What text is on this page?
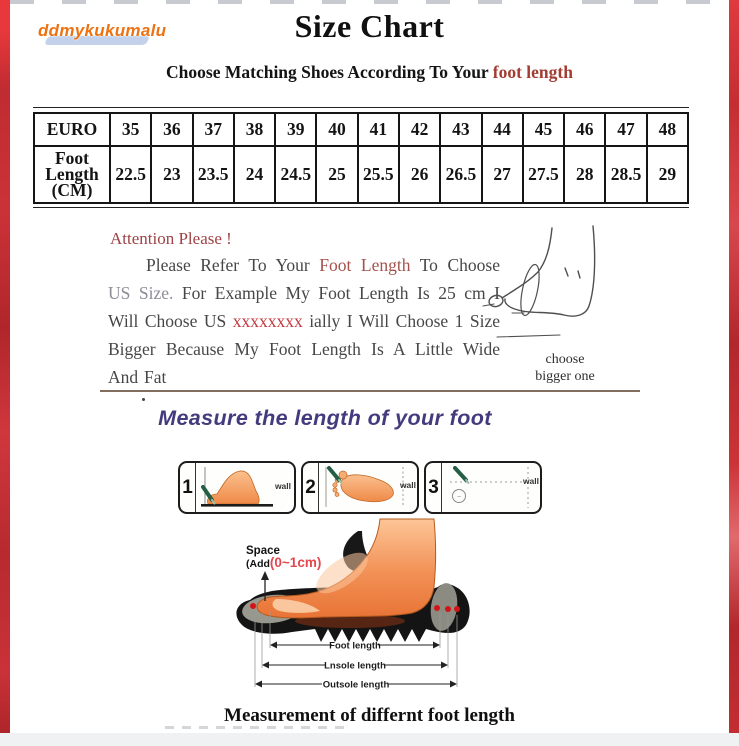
ddmykukumalu	Size Chart
Choose Matching Shoes According To Your foot length
EURO	35	36	37	38	39	40	41	42	43	44	45	46	47	48

Foot
Length
(CM)	22.5	23	23.5	24	24.5	25	25.5	26	26.5	27	27.5	28	28.5	29
Attention Please !
Please Refer To Your Foot Length To Choose US Size. For Example My Foot Length Is 25 cm I Will Choose US xxxxxxxx ially I Will Choose 1 Size Bigger Because My Foot Length Is A Little Wide And Fat
choose
bigger one
Measure the length of your foot
1	wall 2	wall 3	~
wall
Space
(Add(0~1cm)
Foot length
Lnsole length
Outsole length
Measurement of differnt foot length
